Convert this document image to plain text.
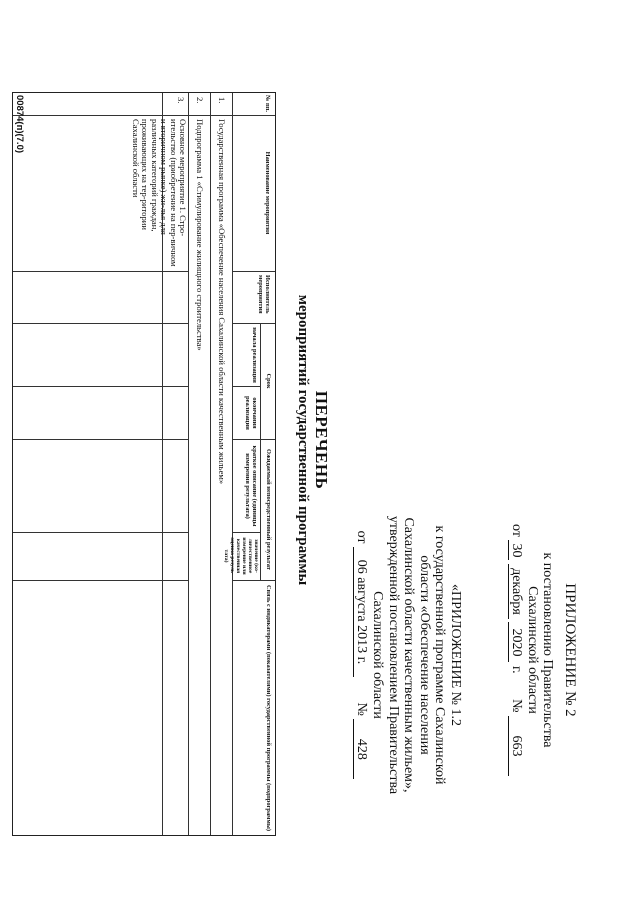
ПРИЛОЖЕНИЕ № 2
к постановлению Правительства
Сахалинской области
от 30 декабря 2020 г. № 663
«ПРИЛОЖЕНИЕ № 1.2
к государственной программе Сахалинской
области «Обеспечение населения
Сахалинской области качественным жильем»,
утвержденной постановлением Правительства
Сахалинской области
от 06 августа 2013 г. № 428
ПЕРЕЧЕНЬ
мероприятий государственной программы
№ пп.
Наименование мероприятия
Исполнитель мероприятия
Срок
начала реализации
окончания реализации
Ожидаемый непосредственный результат
краткое описание (единицы измерения результата)
значение (ко-личественное измерение или качественная оценка резуль-тата)
Связь с индикаторами (показателями) государственной программы (подпрограммы)
1.
Государственная программа «Обеспечение населения Сахалинской области качественным жильем»
2.
Подпрограмма 1 «Стимулирование жилищного строительства»
3.
Основное мероприятие 1. Стро-ительство (приобретение на пер-вичном и вторичном рынке) жи-лья для различных категорий граждан, проживающих на тер-ритории Сахалинской области
00874(п)(7.0)
